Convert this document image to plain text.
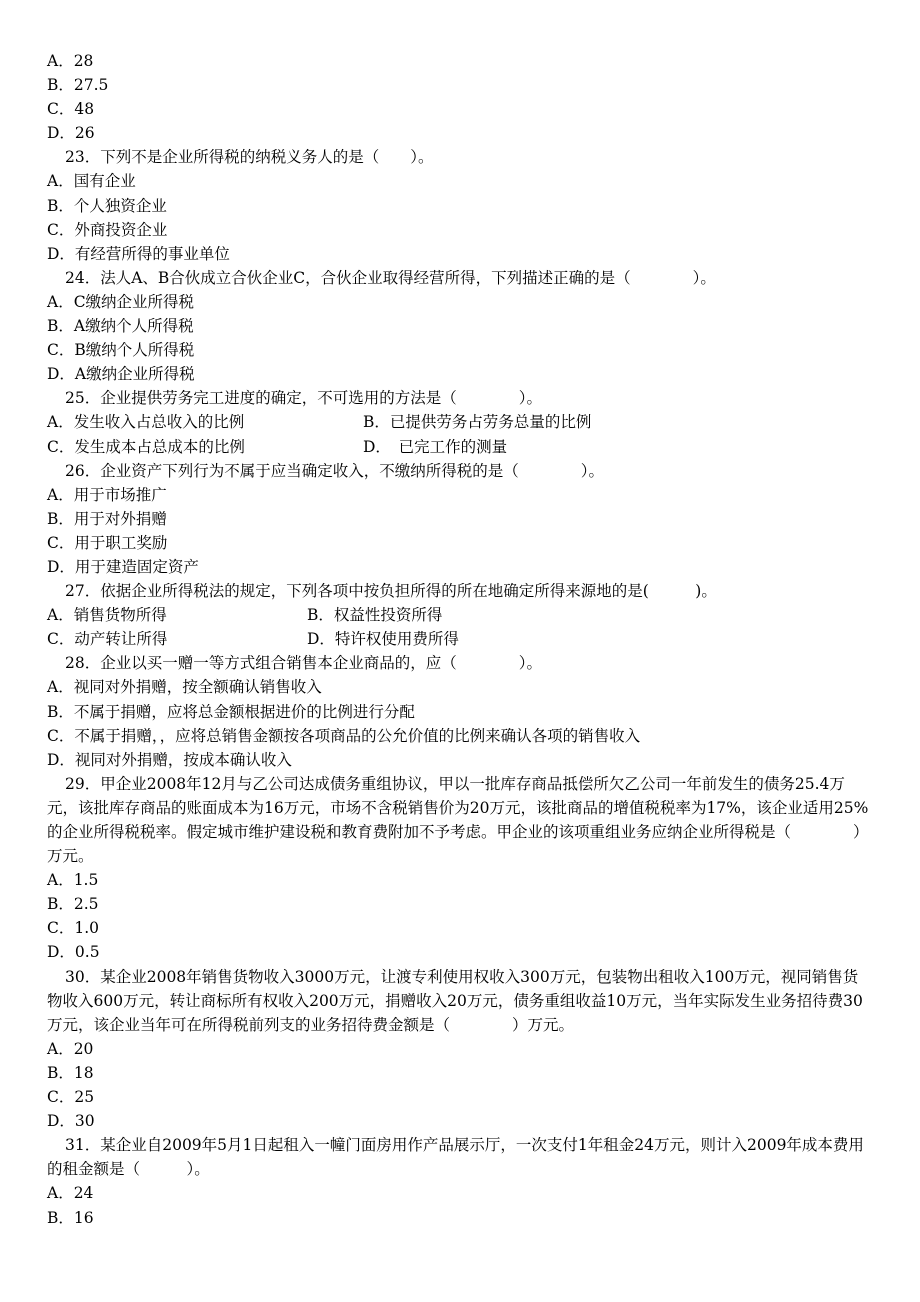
A．28
B．27.5
C．48
D．26
23．下列不是企业所得税的纳税义务人的是（　　）。
A．国有企业
B．个人独资企业
C．外商投资企业
D．有经营所得的事业单位
24．法人A、B合伙成立合伙企业C，合伙企业取得经营所得，下列描述正确的是（　　　　）。
A．C缴纳企业所得税
B．A缴纳个人所得税
C．B缴纳个人所得税
D．A缴纳企业所得税
25．企业提供劳务完工进度的确定，不可选用的方法是（　　　　）。
A．发生收入占总收入的比例	B．已提供劳务占劳务总量的比例
C．发生成本占总成本的比例	D．　已完工作的测量
26．企业资产下列行为不属于应当确定收入，不缴纳所得税的是（　　　　）。
A．用于市场推广
B．用于对外捐赠
C．用于职工奖励
D．用于建造固定资产
27．依据企业所得税法的规定，下列各项中按负担所得的所在地确定所得来源地的是(　　　)。
A．销售货物所得	B．权益性投资所得
C．动产转让所得	D．特许权使用费所得
28．企业以买一赠一等方式组合销售本企业商品的，应（　　　　）。
A．视同对外捐赠，按全额确认销售收入
B．不属于捐赠，应将总金额根据进价的比例进行分配
C．不属于捐赠，，应将总销售金额按各项商品的公允价值的比例来确认各项的销售收入
D．视同对外捐赠，按成本确认收入
29．甲企业2008年12月与乙公司达成债务重组协议，甲以一批库存商品抵偿所欠乙公司一年前发生的债务25.4万元，该批库存商品的账面成本为16万元，市场不含税销售价为20万元，该批商品的增值税税率为17%，该企业适用25%的企业所得税税率。假定城市维护建设税和教育费附加不予考虑。甲企业的该项重组业务应纳企业所得税是（　　　　）万元。
A．1.5
B．2.5
C．1.0
D．0.5
30．某企业2008年销售货物收入3000万元，让渡专利使用权收入300万元，包装物出租收入100万元，视同销售货物收入600万元，转让商标所有权收入200万元，捐赠收入20万元，债务重组收益10万元，当年实际发生业务招待费30万元，该企业当年可在所得税前列支的业务招待费金额是（　　　　）万元。
A．20
B．18
C．25
D．30
31．某企业自2009年5月1日起租入一幢门面房用作产品展示厅，一次支付1年租金24万元，则计入2009年成本费用的租金额是（　　　）。
A．24
B．16
